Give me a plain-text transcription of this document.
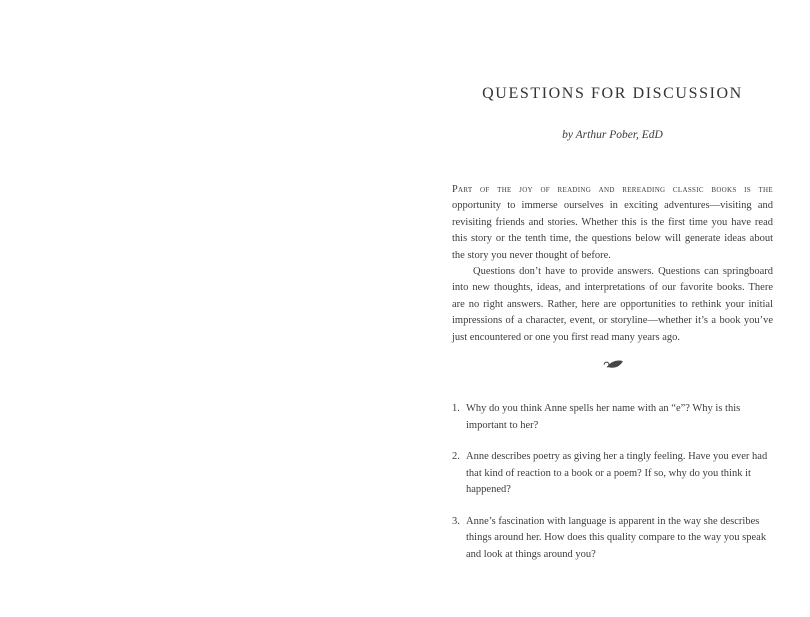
QUESTIONS FOR DISCUSSION
by Arthur Pober, EdD

Part of the joy of reading and rereading classic books is the opportunity to immerse ourselves in exciting adventures—visiting and revisiting friends and stories. Whether this is the first time you have read this story or the tenth time, the questions below will generate ideas about the story you never thought of before.

Questions don’t have to provide answers. Questions can springboard into new thoughts, ideas, and interpretations of our favorite books. There are no right answers. Rather, here are opportunities to rethink your initial impressions of a character, event, or storyline—whether it’s a book you’ve just encountered or one you first read many years ago.

1. Why do you think Anne spells her name with an “e”? Why is this important to her?
2. Anne describes poetry as giving her a tingly feeling. Have you ever had that kind of reaction to a book or a poem? If so, why do you think it happened?
3. Anne’s fascination with language is apparent in the way she describes things around her. How does this quality compare to the way you speak and look at things around you?
